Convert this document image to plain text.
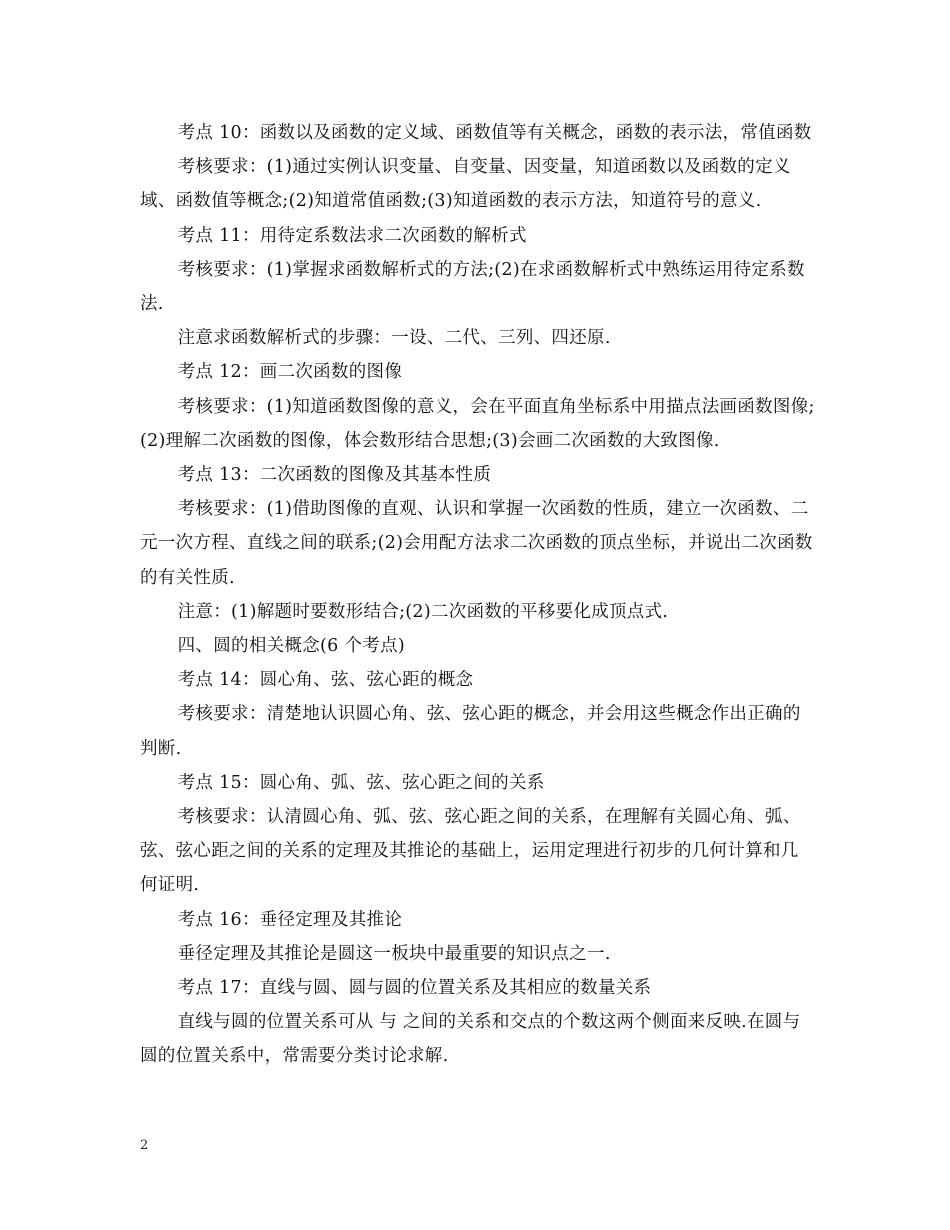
考点 10：函数以及函数的定义域、函数值等有关概念，函数的表示法，常值函数

考核要求：(1)通过实例认识变量、自变量、因变量，知道函数以及函数的定义域、函数值等概念;(2)知道常值函数;(3)知道函数的表示方法，知道符号的意义.

考点 11：用待定系数法求二次函数的解析式

考核要求：(1)掌握求函数解析式的方法;(2)在求函数解析式中熟练运用待定系数法.

注意求函数解析式的步骤：一设、二代、三列、四还原.

考点 12：画二次函数的图像

考核要求：(1)知道函数图像的意义，会在平面直角坐标系中用描点法画函数图像;(2)理解二次函数的图像，体会数形结合思想;(3)会画二次函数的大致图像.

考点 13：二次函数的图像及其基本性质

考核要求：(1)借助图像的直观、认识和掌握一次函数的性质，建立一次函数、二元一次方程、直线之间的联系;(2)会用配方法求二次函数的顶点坐标，并说出二次函数的有关性质.

注意：(1)解题时要数形结合;(2)二次函数的平移要化成顶点式.

四、圆的相关概念(6 个考点)

考点 14：圆心角、弦、弦心距的概念

考核要求：清楚地认识圆心角、弦、弦心距的概念，并会用这些概念作出正确的判断.

考点 15：圆心角、弧、弦、弦心距之间的关系

考核要求：认清圆心角、弧、弦、弦心距之间的关系，在理解有关圆心角、弧、弦、弦心距之间的关系的定理及其推论的基础上，运用定理进行初步的几何计算和几何证明.

考点 16：垂径定理及其推论

垂径定理及其推论是圆这一板块中最重要的知识点之一.

考点 17：直线与圆、圆与圆的位置关系及其相应的数量关系

直线与圆的位置关系可从 与 之间的关系和交点的个数这两个侧面来反映.在圆与圆的位置关系中，常需要分类讨论求解.

2
